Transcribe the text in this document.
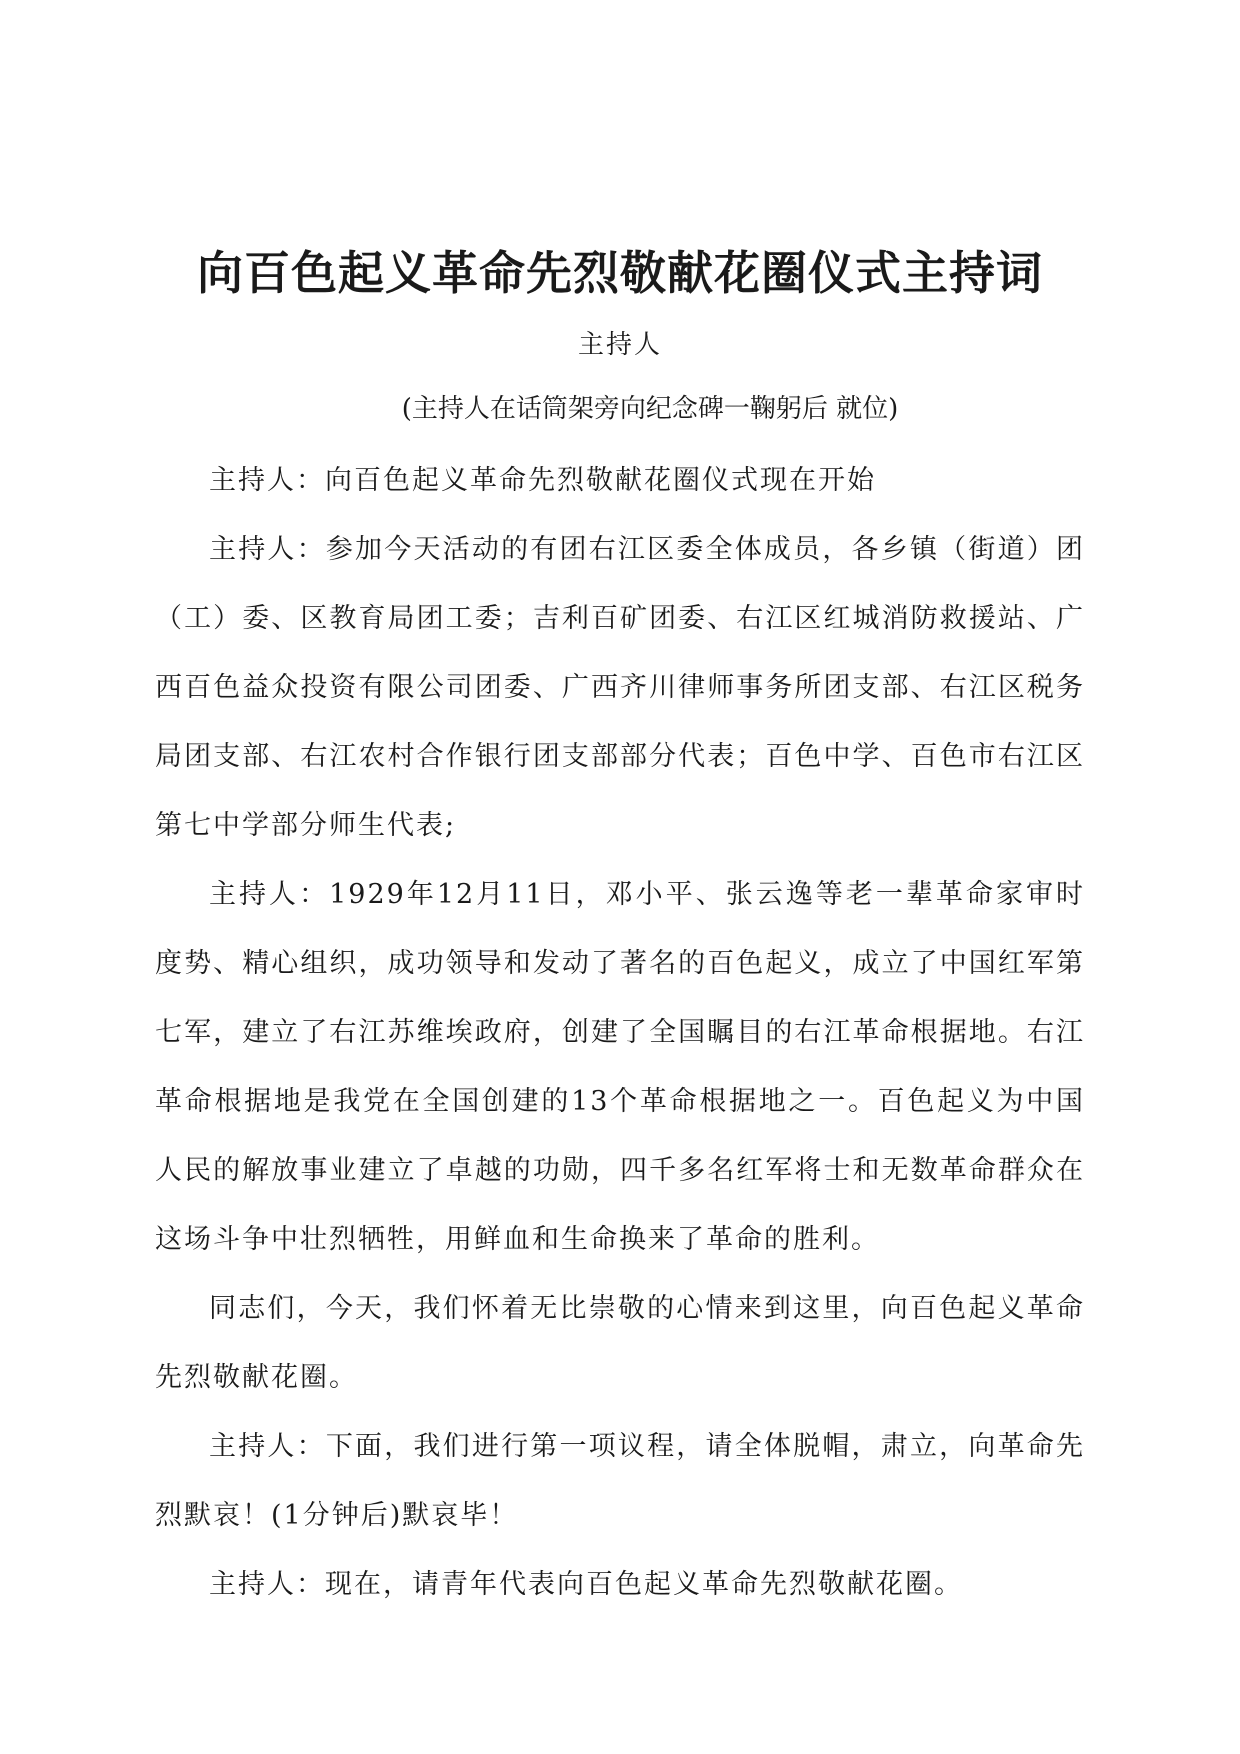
向百色起义革命先烈敬献花圈仪式主持词
主持人
(主持人在话筒架旁向纪念碑一鞠躬后 就位)

主持人：向百色起义革命先烈敬献花圈仪式现在开始

主持人：参加今天活动的有团右江区委全体成员，各乡镇（街道）团（工）委、区教育局团工委；吉利百矿团委、右江区红城消防救援站、广西百色益众投资有限公司团委、广西齐川律师事务所团支部、右江区税务局团支部、右江农村合作银行团支部部分代表；百色中学、百色市右江区第七中学部分师生代表;

主持人：1929年12月11日，邓小平、张云逸等老一辈革命家审时度势、精心组织，成功领导和发动了著名的百色起义，成立了中国红军第七军，建立了右江苏维埃政府，创建了全国瞩目的右江革命根据地。右江革命根据地是我党在全国创建的13个革命根据地之一。百色起义为中国人民的解放事业建立了卓越的功勋，四千多名红军将士和无数革命群众在这场斗争中壮烈牺牲，用鲜血和生命换来了革命的胜利。

同志们，今天，我们怀着无比崇敬的心情来到这里，向百色起义革命先烈敬献花圈。

主持人：下面，我们进行第一项议程，请全体脱帽，肃立，向革命先烈默哀！(1分钟后)默哀毕！

主持人：现在，请青年代表向百色起义革命先烈敬献花圈。
